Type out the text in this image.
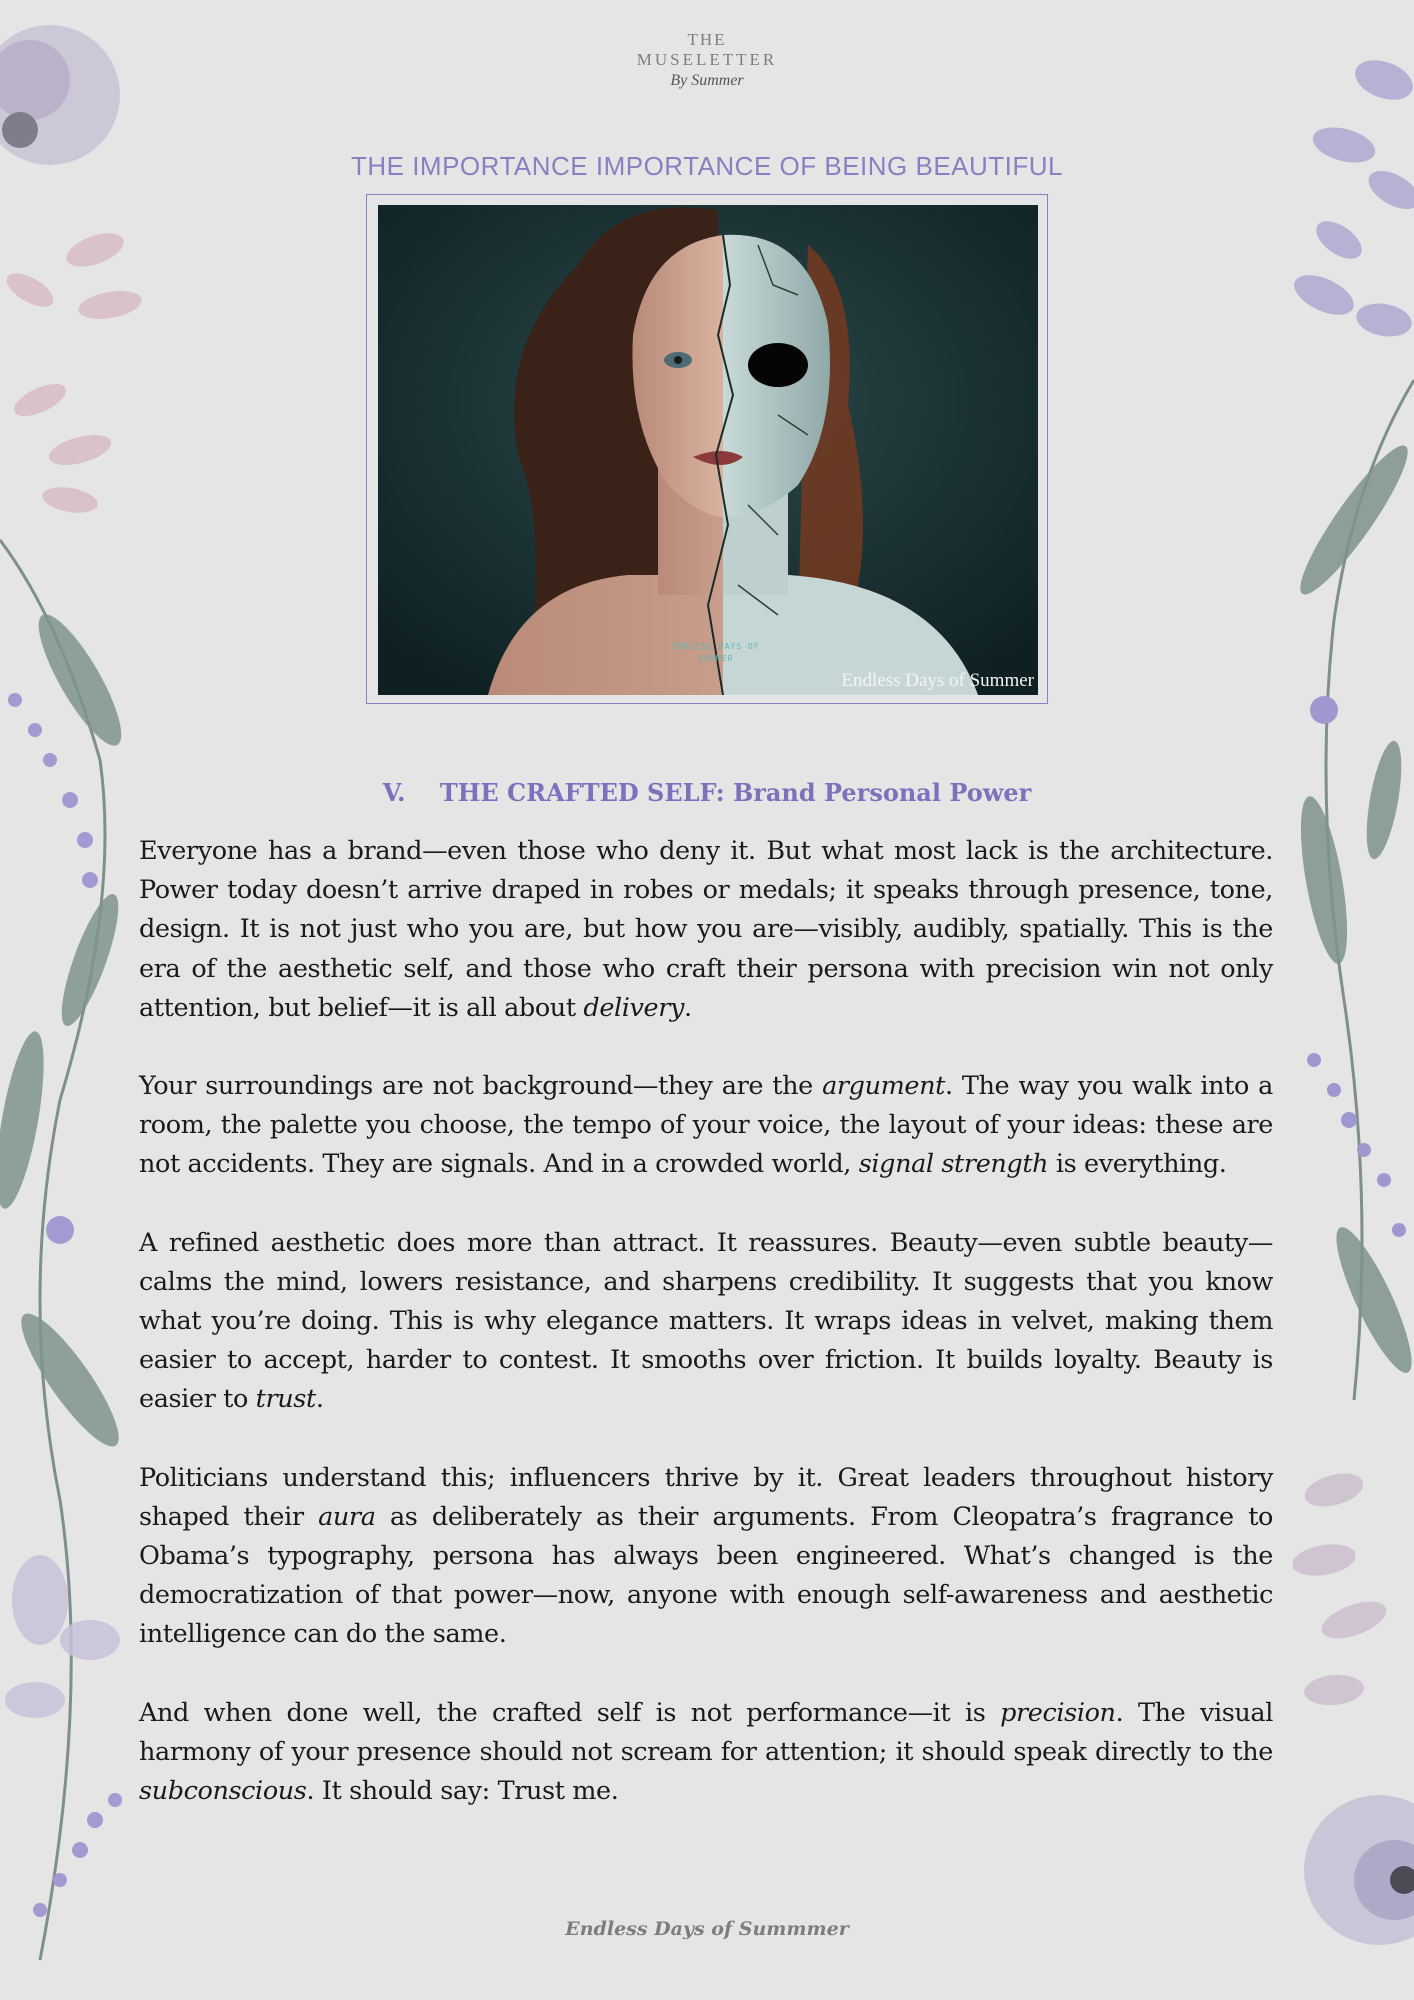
THE
MUSELETTER
By Summer
THE IMPORTANCE IMPORTANCE OF BEING BEAUTIFUL
ENDLESS DAYS OF
SUMMER
Endless Days of Summer
V. THE CRAFTED SELF: Brand Personal Power

Everyone has a brand—even those who deny it. But what most lack is the architecture. Power today doesn’t arrive draped in robes or medals; it speaks through presence, tone, design. It is not just who you are, but how you are—visibly, audibly, spatially. This is the era of the aesthetic self, and those who craft their persona with precision win not only attention, but belief—it is all about delivery.

Your surroundings are not background—they are the argument. The way you walk into a room, the palette you choose, the tempo of your voice, the layout of your ideas: these are not accidents. They are signals. And in a crowded world, signal strength is everything.

A refined aesthetic does more than attract. It reassures. Beauty—even subtle beauty—calms the mind, lowers resistance, and sharpens credibility. It suggests that you know what you’re doing. This is why elegance matters. It wraps ideas in velvet, making them easier to accept, harder to contest. It smooths over friction. It builds loyalty. Beauty is easier to trust.

Politicians understand this; influencers thrive by it. Great leaders throughout history shaped their aura as deliberately as their arguments. From Cleopatra’s fragrance to Obama’s typography, persona has always been engineered. What’s changed is the democratization of that power—now, anyone with enough self-awareness and aesthetic intelligence can do the same.

And when done well, the crafted self is not performance—it is precision. The visual harmony of your presence should not scream for attention; it should speak directly to the subconscious. It should say: Trust me.

Endless Days of Summmer
